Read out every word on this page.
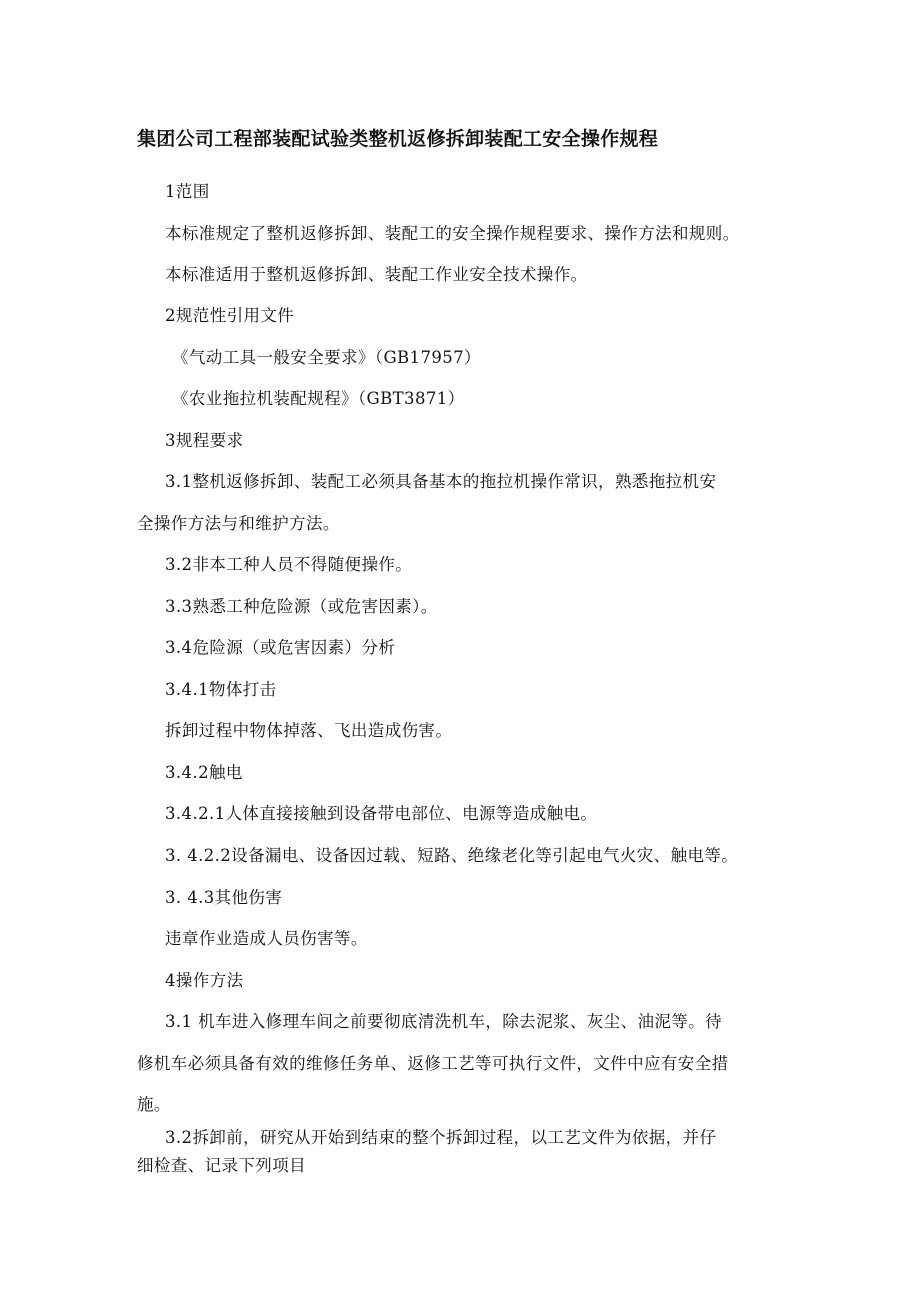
集团公司工程部装配试验类整机返修拆卸装配工安全操作规程
1范围
本标准规定了整机返修拆卸、装配工的安全操作规程要求、操作方法和规则。
本标准适用于整机返修拆卸、装配工作业安全技术操作。
2规范性引用文件
《气动工具一般安全要求》（GB17957）
《农业拖拉机装配规程》（GBT3871）
3规程要求
3.1整机返修拆卸、装配工必须具备基本的拖拉机操作常识，熟悉拖拉机安
全操作方法与和维护方法。
3.2非本工种人员不得随便操作。
3.3熟悉工种危险源（或危害因素）。
3.4危险源（或危害因素）分析
3.4.1物体打击
拆卸过程中物体掉落、飞出造成伤害。
3.4.2触电
3.4.2.1人体直接接触到设备带电部位、电源等造成触电。
3. 4.2.2设备漏电、设备因过载、短路、绝缘老化等引起电气火灾、触电等。
3. 4.3其他伤害
违章作业造成人员伤害等。
4操作方法
3.1 机车进入修理车间之前要彻底清洗机车，除去泥浆、灰尘、油泥等。待
修机车必须具备有效的维修任务单、返修工艺等可执行文件，文件中应有安全措
施。
3.2拆卸前，研究从开始到结束的整个拆卸过程，以工艺文件为依据，并仔
细检查、记录下列项目
